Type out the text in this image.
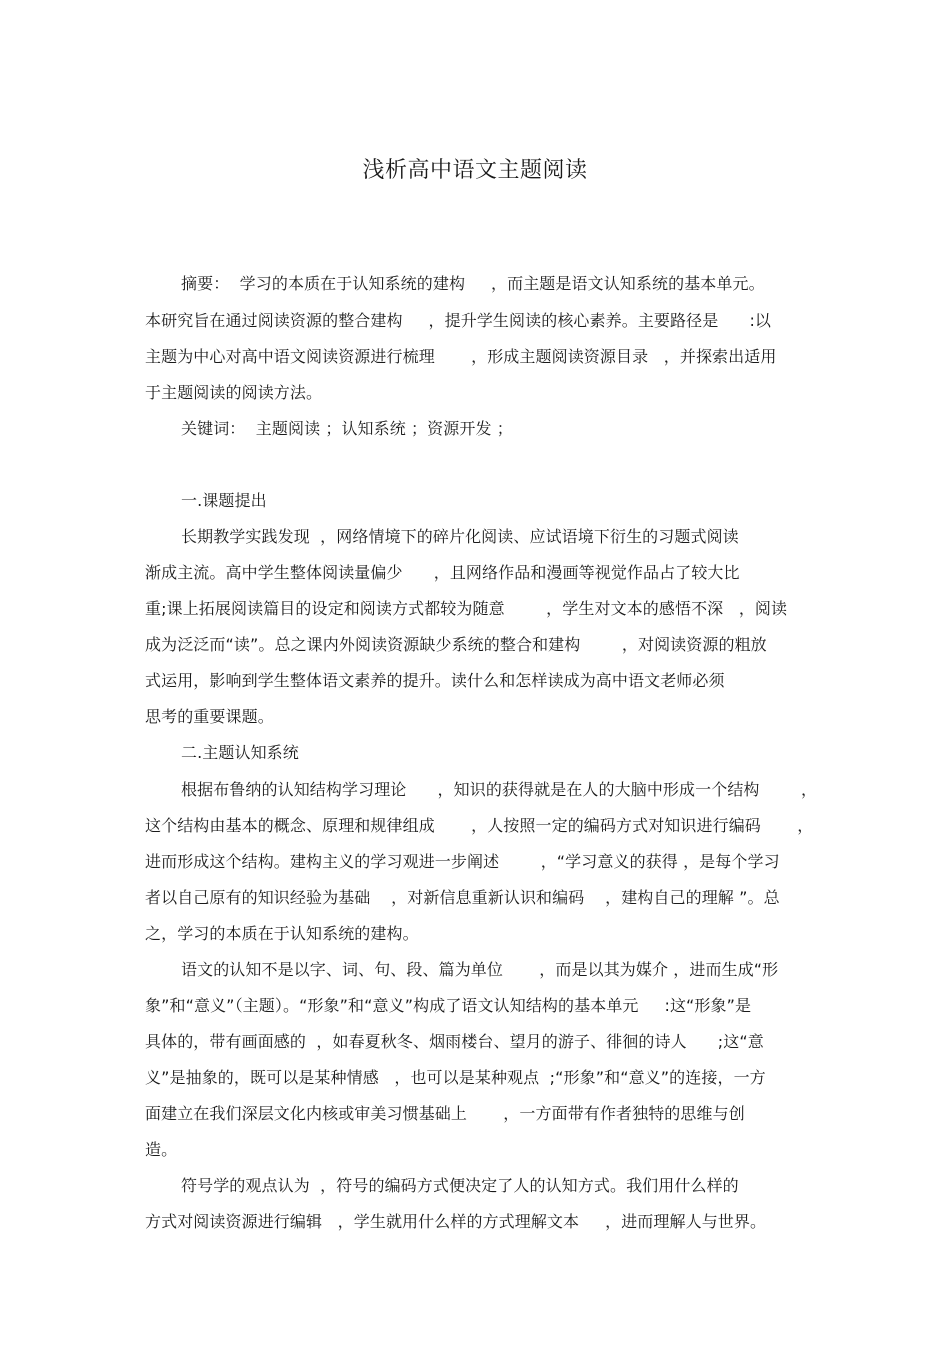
浅析高中语文主题阅读
摘要：  学习的本质在于认知系统的建构     ，而主题是语文认知系统的基本单元。
本研究旨在通过阅读资源的整合建构     ，提升学生阅读的核心素养。主要路径是      :以
主题为中心对高中语文阅读资源进行梳理       ，形成主题阅读资源目录   ，并探索出适用
于主题阅读的阅读方法。
关键词：  主题阅读 ；认知系统 ；资源开发 ；
一.课题提出
长期教学实践发现  ，网络情境下的碎片化阅读、应试语境下衍生的习题式阅读
渐成主流。高中学生整体阅读量偏少      ，且网络作品和漫画等视觉作品占了较大比
重;课上拓展阅读篇目的设定和阅读方式都较为随意        ，学生对文本的感悟不深   ，阅读
成为泛泛而“读”。总之课内外阅读资源缺少系统的整合和建构        ，对阅读资源的粗放
式运用，影响到学生整体语文素养的提升。读什么和怎样读成为高中语文老师必须
思考的重要课题。
二.主题认知系统
根据布鲁纳的认知结构学习理论      ，知识的获得就是在人的大脑中形成一个结构        ，
这个结构由基本的概念、原理和规律组成       ，人按照一定的编码方式对知识进行编码       ，
进而形成这个结构。建构主义的学习观进一步阐述        ，“学习意义的获得 ，是每个学习
者以自己原有的知识经验为基础    ，对新信息重新认识和编码    ，建构自己的理解 ”。总
之，学习的本质在于认知系统的建构。
语文的认知不是以字、词、句、段、篇为单位       ，而是以其为媒介 ，进而生成“形
象”和“意义”（主题）。“形象”和“意义”构成了语文认知结构的基本单元     :这“形象”是
具体的，带有画面感的  ，如春夏秋冬、烟雨楼台、望月的游子、徘徊的诗人      ;这“意
义”是抽象的，既可以是某种情感   ，也可以是某种观点  ;“形象”和“意义”的连接，一方
面建立在我们深层文化内核或审美习惯基础上       ，一方面带有作者独特的思维与创
造。
符号学的观点认为  ，符号的编码方式便决定了人的认知方式。我们用什么样的
方式对阅读资源进行编辑   ，学生就用什么样的方式理解文本     ，进而理解人与世界。
